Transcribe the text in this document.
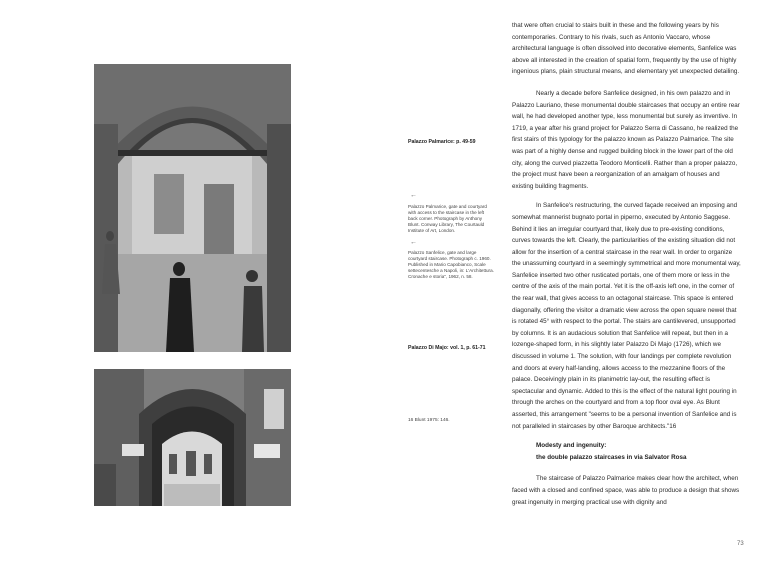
Palazzo Palmarice: p. 49-59
←
Palazzo Palmarice, gate and courtyard with access to the staircase in the left back corner. Photograph by Anthony Blunt. Conway Library, The Courtauld Institute of Art, London.
←
Palazzo Sanfelice, gate and large courtyard staircase. Photograph c. 1960. Published in Mario Capobianco, Scale settecentesche a Napoli, in: L'Architettura. Cronache e storia", 1962, n. 58.
Palazzo Di Majo: vol. 1, p. 61-71
16 Blunt 1975: 146.

that were often crucial to stairs built in these and the following years by his contemporaries. Contrary to his rivals, such as Antonio Vaccaro, whose architectural language is often dissolved into decorative elements, Sanfelice was above all interested in the creation of spatial form, frequently by the use of highly ingenious plans, plain structural means, and elementary yet unexpected detailing.

Nearly a decade before Sanfelice designed, in his own palazzo and in Palazzo Lauriano, these monumental double staircases that occupy an entire rear wall, he had developed another type, less monumental but surely as inventive. In 1719, a year after his grand project for Palazzo Serra di Cassano, he realized the first stairs of this typology for the palazzo known as Palazzo Palmarice. The site was part of a highly dense and rugged building block in the lower part of the old city, along the curved piazzetta Teodoro Monticelli. Rather than a proper palazzo, the project must have been a reorganization of an amalgam of houses and existing building fragments.

In Sanfelice's restructuring, the curved façade received an imposing and somewhat mannerist bugnato portal in piperno, executed by Antonio Saggese. Behind it lies an irregular courtyard that, likely due to pre-existing conditions, curves towards the left. Clearly, the particularities of the existing situation did not allow for the insertion of a central staircase in the rear wall. In order to organize the unassuming courtyard in a seemingly symmetrical and more monumental way, Sanfelice inserted two other rusticated portals, one of them more or less in the centre of the axis of the main portal. Yet it is the off-axis left one, in the corner of the rear wall, that gives access to an octagonal staircase. This space is entered diagonally, offering the visitor a dramatic view across the open square newel that is rotated 45° with respect to the portal. The stairs are cantilevered, unsupported by columns. It is an audacious solution that Sanfelice will repeat, but then in a lozenge-shaped form, in his slightly later Palazzo Di Majo (1726), which we discussed in volume 1. The solution, with four landings per complete revolution and doors at every half-landing, allows access to the mezzanine floors of the palace. Deceivingly plain in its planimetric lay-out, the resulting effect is spectacular and dynamic. Added to this is the effect of the natural light pouring in through the arches on the courtyard and from a top floor oval eye. As Blunt asserted, this arrangement "seems to be a personal invention of Sanfelice and is not paralleled in staircases by other Baroque architects."16

Modesty and ingenuity:
the double palazzo staircases in via Salvator Rosa

The staircase of Palazzo Palmarice makes clear how the architect, when faced with a closed and confined space, was able to produce a design that shows great ingenuity in merging practical use with dignity and

73
